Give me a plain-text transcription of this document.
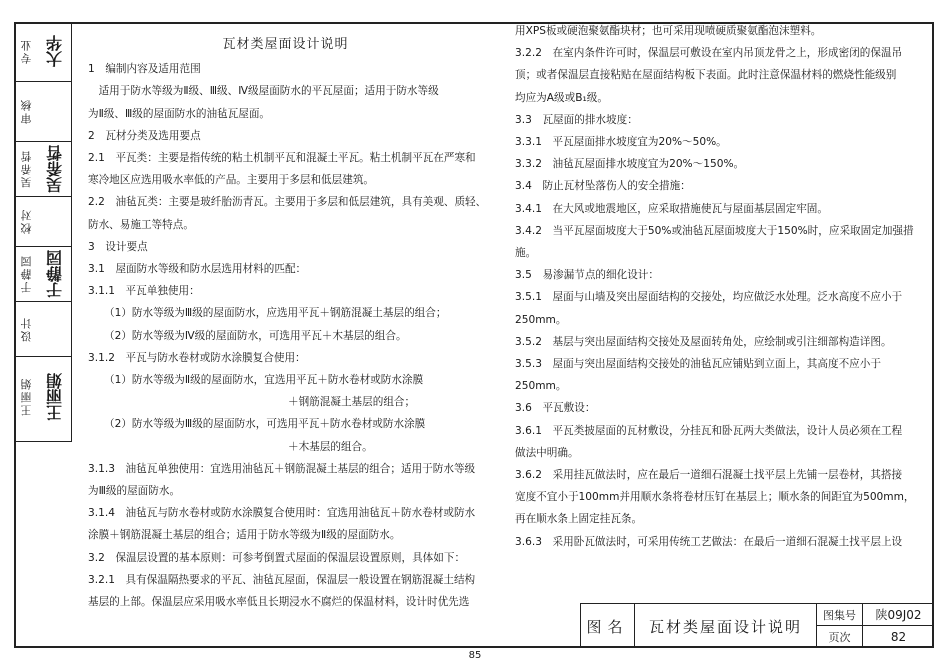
专业 大华
审核
吴希哲 吴希哲
校对
于静园 于静园
设计
王丽娟 王丽娟

瓦材类屋面设计说明

1　编制内容及适用范围

　适用于防水等级为Ⅱ级、Ⅲ级、Ⅳ级屋面防水的平瓦屋面；适用于防水等级

为Ⅱ级、Ⅲ级的屋面防水的油毡瓦屋面。

2　瓦材分类及选用要点

2.1　平瓦类：主要是指传统的粘土机制平瓦和混凝土平瓦。粘土机制平瓦在严寒和

寒冷地区应选用吸水率低的产品。主要用于多层和低层建筑。

2.2　油毡瓦类：主要是玻纤胎沥青瓦。主要用于多层和低层建筑，具有美观、质轻、

防水、易施工等特点。

3　设计要点

3.1　屋面防水等级和防水层选用材料的匹配：

3.1.1　平瓦单独使用：

（1）防水等级为Ⅲ级的屋面防水，应选用平瓦＋钢筋混凝土基层的组合；

（2）防水等级为Ⅳ级的屋面防水，可选用平瓦＋木基层的组合。

3.1.2　平瓦与防水卷材或防水涂膜复合使用：

（1）防水等级为Ⅱ级的屋面防水，宜选用平瓦＋防水卷材或防水涂膜

＋钢筋混凝土基层的组合；

（2）防水等级为Ⅲ级的屋面防水，可选用平瓦＋防水卷材或防水涂膜

＋木基层的组合。

3.1.3　油毡瓦单独使用：宜选用油毡瓦＋钢筋混凝土基层的组合；适用于防水等级

为Ⅲ级的屋面防水。

3.1.4　油毡瓦与防水卷材或防水涂膜复合使用时：宜选用油毡瓦＋防水卷材或防水

涂膜＋钢筋混凝土基层的组合；适用于防水等级为Ⅱ级的屋面防水。

3.2　保温层设置的基本原则：可参考倒置式屋面的保温层设置原则，具体如下：

3.2.1　具有保温隔热要求的平瓦、油毡瓦屋面，保温层一般设置在钢筋混凝土结构

基层的上部。保温层应采用吸水率低且长期浸水不腐烂的保温材料，设计时优先选

用XPS板或硬泡聚氨酯块材；也可采用现喷硬质聚氨酯泡沫塑料。

3.2.2　在室内条件许可时，保温层可敷设在室内吊顶龙骨之上，形成密闭的保温吊

顶；或者保温层直接粘贴在屋面结构板下表面。此时注意保温材料的燃烧性能级别

均应为A级或B₁级。

3.3　瓦屋面的排水坡度：

3.3.1　平瓦屋面排水坡度宜为20%～50%。

3.3.2　油毡瓦屋面排水坡度宜为20%～150%。

3.4　防止瓦材坠落伤人的安全措施：

3.4.1　在大风或地震地区，应采取措施使瓦与屋面基层固定牢固。

3.4.2　当平瓦屋面坡度大于50%或油毡瓦屋面坡度大于150%时，应采取固定加强措

施。

3.5　易渗漏节点的细化设计：

3.5.1　屋面与山墙及突出屋面结构的交接处，均应做泛水处理。泛水高度不应小于

250mm。

3.5.2　基层与突出屋面结构交接处及屋面转角处，应绘制或引注细部构造详图。

3.5.3　屋面与突出屋面结构交接处的油毡瓦应铺贴到立面上，其高度不应小于

250mm。

3.6　平瓦敷设：

3.6.1　平瓦类披屋面的瓦材敷设，分挂瓦和卧瓦两大类做法，设计人员必须在工程

做法中明确。

3.6.2　采用挂瓦做法时，应在最后一道细石混凝土找平层上先铺一层卷材，其搭接

宽度不宜小于100mm并用顺水条将卷材压钉在基层上；顺水条的间距宜为500mm，

再在顺水条上固定挂瓦条。

3.6.3　采用卧瓦做法时，可采用传统工艺做法：在最后一道细石混凝土找平层上设

图名	瓦材类屋面设计说明
图集号	陕09J02
页次	82
85
